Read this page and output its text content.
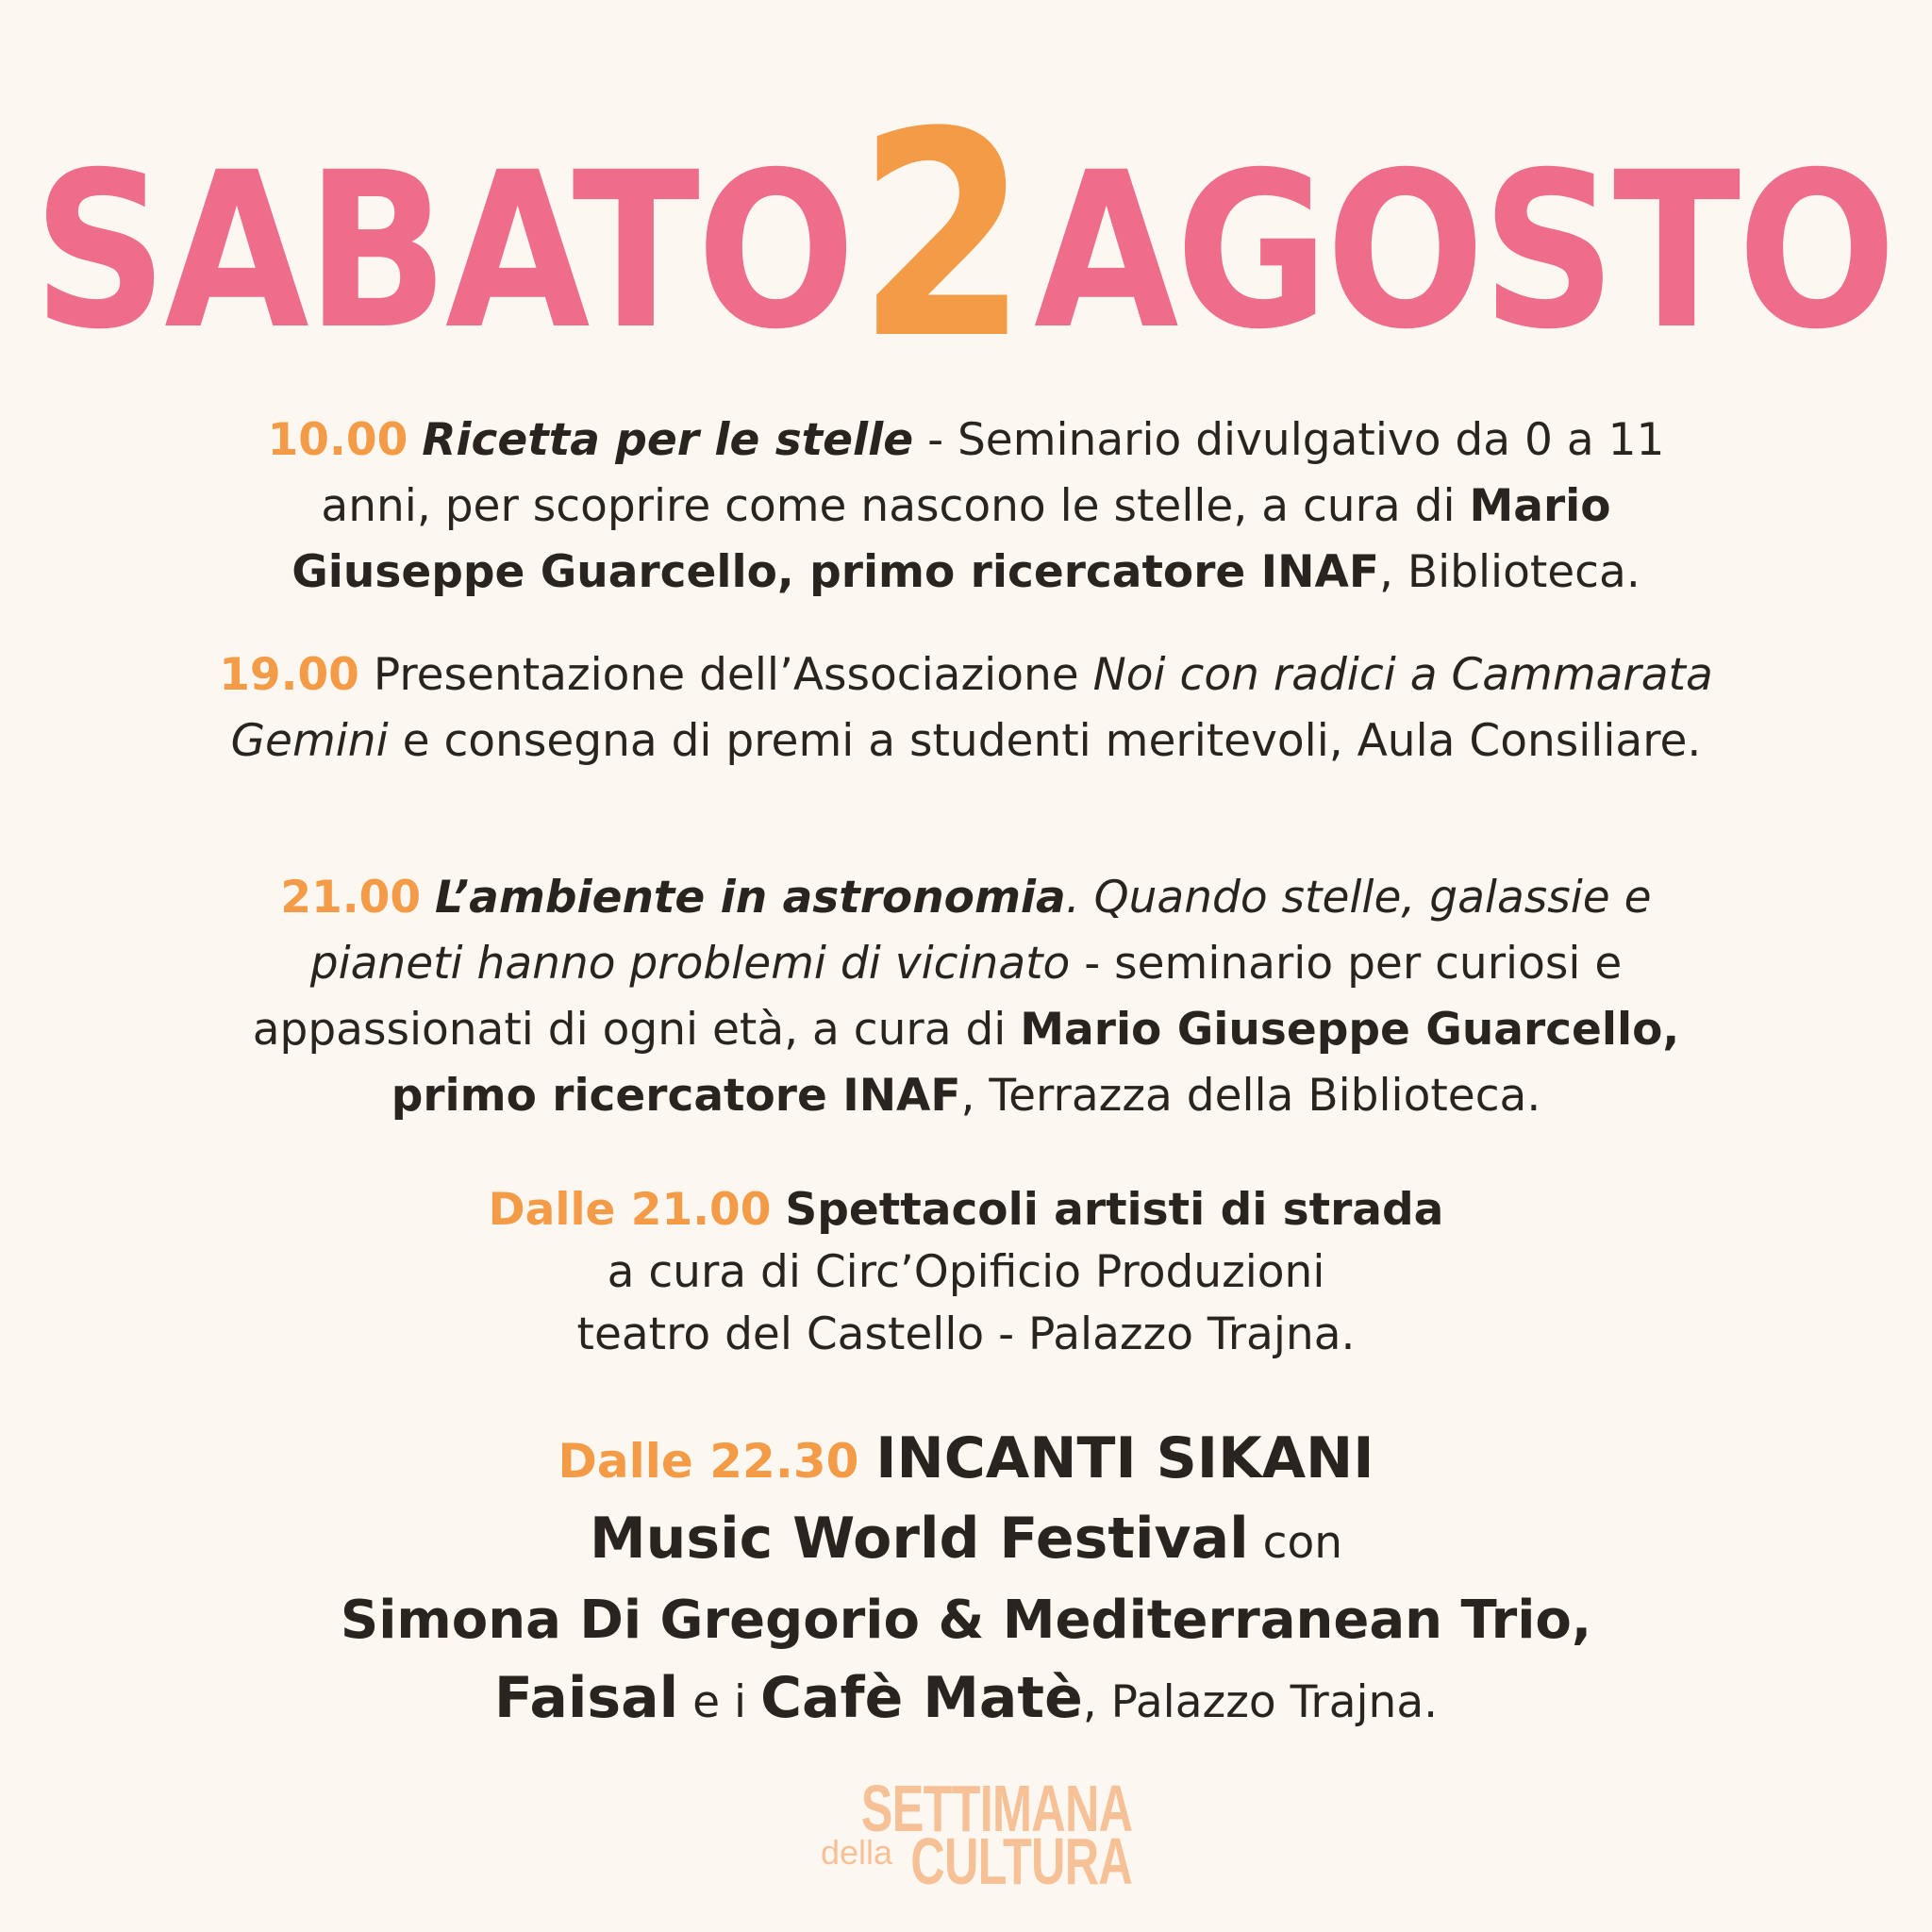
SABATO 2 AGOSTO
10.00 Ricetta per le stelle - Seminario divulgativo da 0 a 11 anni, per scoprire come nascono le stelle, a cura di Mario Giuseppe Guarcello, primo ricercatore INAF, Biblioteca.
19.00 Presentazione dell’Associazione Noi con radici a Cammarata Gemini e consegna di premi a studenti meritevoli, Aula Consiliare.
21.00 L’ambiente in astronomia. Quando stelle, galassie e pianeti hanno problemi di vicinato - seminario per curiosi e appassionati di ogni età, a cura di Mario Giuseppe Guarcello, primo ricercatore INAF, Terrazza della Biblioteca.
Dalle 21.00 Spettacoli artisti di strada
a cura di Circ’Opificio Produzioni
teatro del Castello - Palazzo Trajna.
Dalle 22.30 INCANTI SIKANI
Music World Festival con
Simona Di Gregorio & Mediterranean Trio,
Faisal e i Cafè Matè, Palazzo Trajna.
SETTIMANA
della CULTURA
